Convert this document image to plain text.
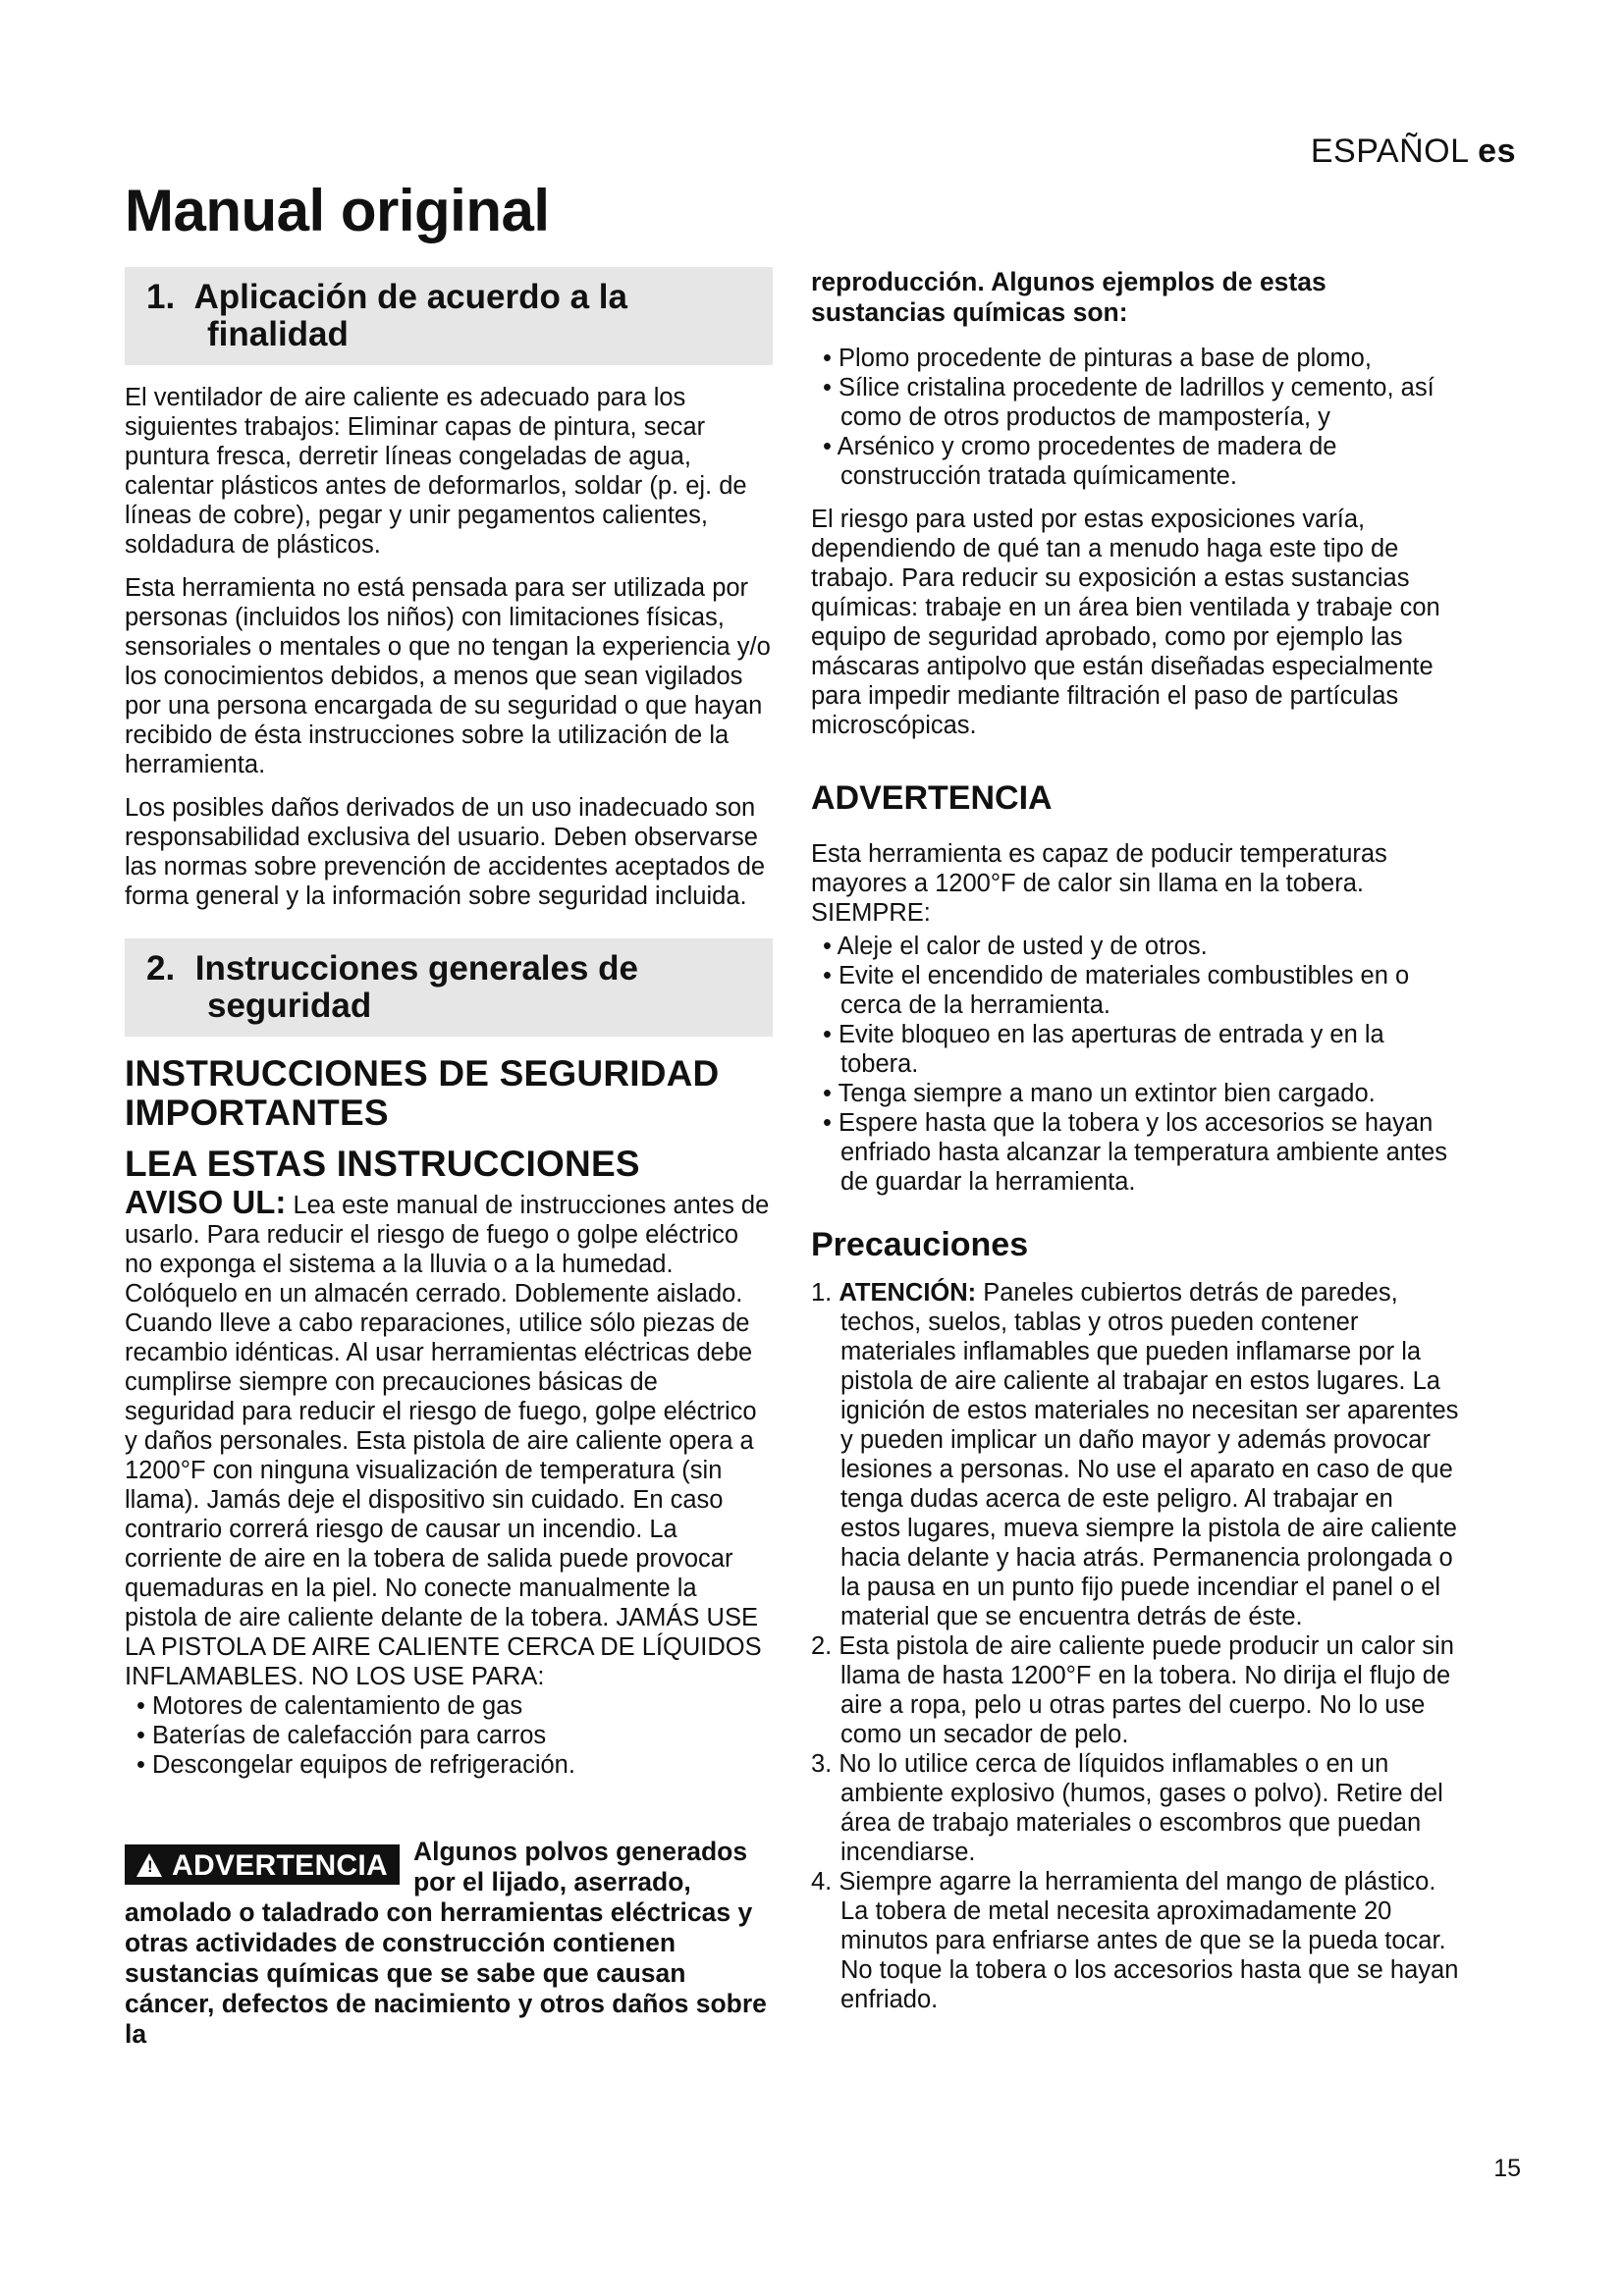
ESPAÑOL es
Manual original
1. Aplicación de acuerdo a la
finalidad

El ventilador de aire caliente es adecuado para los siguientes trabajos: Eliminar capas de pintura, secar puntura fresca, derretir líneas congeladas de agua, calentar plásticos antes de deformarlos, soldar (p. ej. de líneas de cobre), pegar y unir pegamentos calientes, soldadura de plásticos.

Esta herramienta no está pensada para ser utilizada por personas (incluidos los niños) con limitaciones físicas, sensoriales o mentales o que no tengan la experiencia y/o los conocimientos debidos, a menos que sean vigilados por una persona encargada de su seguridad o que hayan recibido de ésta instrucciones sobre la utilización de la herramienta.

Los posibles daños derivados de un uso inadecuado son responsabilidad exclusiva del usuario. Deben observarse las normas sobre prevención de accidentes aceptados de forma general y la información sobre seguridad incluida.

2. Instrucciones generales de
seguridad
INSTRUCCIONES DE SEGURIDAD IMPORTANTES
LEA ESTAS INSTRUCCIONES

AVISO UL: Lea este manual de instrucciones antes de usarlo. Para reducir el riesgo de fuego o golpe eléctrico no exponga el sistema a la lluvia o a la humedad. Colóquelo en un almacén cerrado. Doblemente aislado. Cuando lleve a cabo reparaciones, utilice sólo piezas de recambio idénticas. Al usar herramientas eléctricas debe cumplirse siempre con precauciones básicas de seguridad para reducir el riesgo de fuego, golpe eléctrico y daños personales. Esta pistola de aire caliente opera a 1200°F con ninguna visualización de temperatura (sin llama). Jamás deje el dispositivo sin cuidado. En caso contrario correrá riesgo de causar un incendio. La corriente de aire en la tobera de salida puede provocar quemaduras en la piel. No conecte manualmente la pistola de aire caliente delante de la tobera. JAMÁS USE LA PISTOLA DE AIRE CALIENTE CERCA DE LÍQUIDOS INFLAMABLES. NO LOS USE PARA:

• Motores de calentamiento de gas
• Baterías de calefacción para carros
• Descongelar equipos de refrigeración.
! ADVERTENCIA Algunos polvos generados por el lijado, aserrado, amolado o taladrado con herramientas eléctricas y otras actividades de construcción contienen sustancias químicas que se sabe que causan cáncer, defectos de nacimiento y otros daños sobre la
reproducción. Algunos ejemplos de estas sustancias químicas son:
• Plomo procedente de pinturas a base de plomo,
• Sílice cristalina procedente de ladrillos y cemento, así como de otros productos de mampostería, y
• Arsénico y cromo procedentes de madera de construcción tratada químicamente.

El riesgo para usted por estas exposiciones varía, dependiendo de qué tan a menudo haga este tipo de trabajo. Para reducir su exposición a estas sustancias químicas: trabaje en un área bien ventilada y trabaje con equipo de seguridad aprobado, como por ejemplo las máscaras antipolvo que están diseñadas especialmente para impedir mediante filtración el paso de partículas microscópicas.

ADVERTENCIA

Esta herramienta es capaz de poducir temperaturas mayores a 1200°F de calor sin llama en la tobera. SIEMPRE:

• Aleje el calor de usted y de otros.
• Evite el encendido de materiales combustibles en o cerca de la herramienta.
• Evite bloqueo en las aperturas de entrada y en la tobera.
• Tenga siempre a mano un extintor bien cargado.
• Espere hasta que la tobera y los accesorios se hayan enfriado hasta alcanzar la temperatura ambiente antes de guardar la herramienta.
Precauciones
1. ATENCIÓN: Paneles cubiertos detrás de paredes, techos, suelos, tablas y otros pueden contener materiales inflamables que pueden inflamarse por la pistola de aire caliente al trabajar en estos lugares. La ignición de estos materiales no necesitan ser aparentes y pueden implicar un daño mayor y además provocar lesiones a personas. No use el aparato en caso de que tenga dudas acerca de este peligro. Al trabajar en estos lugares, mueva siempre la pistola de aire caliente hacia delante y hacia atrás. Permanencia prolongada o la pausa en un punto fijo puede incendiar el panel o el material que se encuentra detrás de éste.
2. Esta pistola de aire caliente puede producir un calor sin llama de hasta 1200°F en la tobera. No dirija el flujo de aire a ropa, pelo u otras partes del cuerpo. No lo use como un secador de pelo.
3. No lo utilice cerca de líquidos inflamables o en un ambiente explosivo (humos, gases o polvo). Retire del área de trabajo materiales o escombros que puedan incendiarse.
4. Siempre agarre la herramienta del mango de plástico. La tobera de metal necesita aproximadamente 20 minutos para enfriarse antes de que se la pueda tocar. No toque la tobera o los accesorios hasta que se hayan enfriado.
15
